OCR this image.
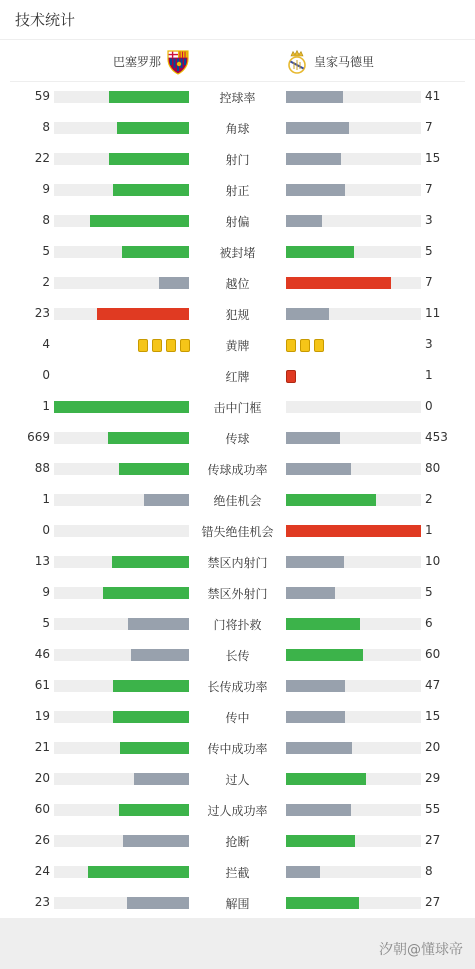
技术统计
巴塞罗那	皇家马德里
59	控球率	41
8	角球	7
22	射门	15
9	射正	7
8	射偏	3
5	被封堵	5
2	越位	7
23	犯规	11
4	黄牌	3
0	红牌	1
1	击中门框	0
669	传球	453
88	传球成功率	80
1	绝佳机会	2
0	错失绝佳机会	1
13	禁区内射门	10
9	禁区外射门	5
5	门将扑救	6
46	长传	60
61	长传成功率	47
19	传中	15
21	传中成功率	20
20	过人	29
60	过人成功率	55
26	抢断	27
24	拦截	8
23	解围	27
汐朝@懂球帝
